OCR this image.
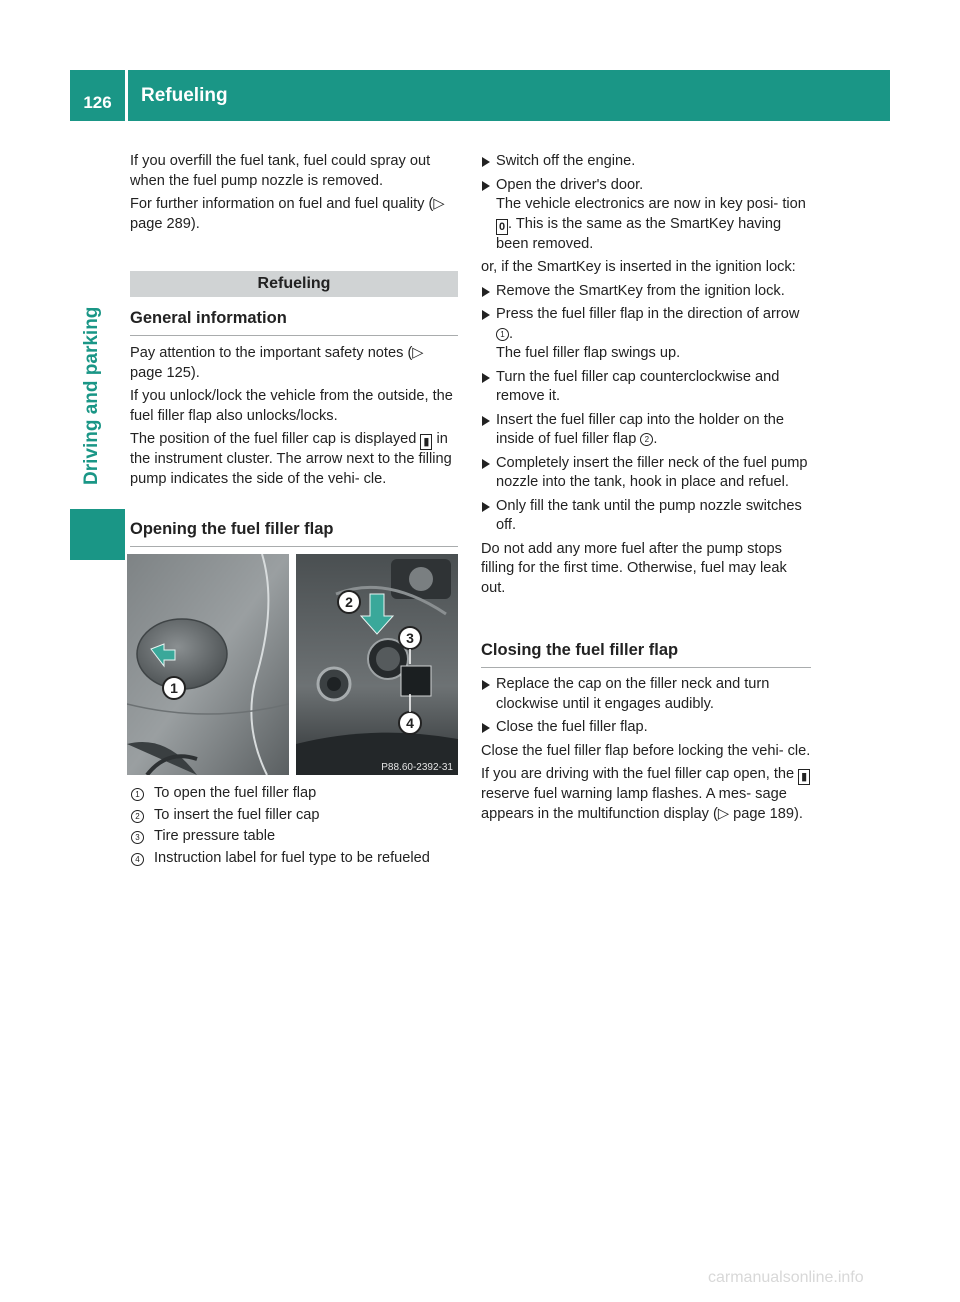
126	Refueling
Driving and parking

If you overfill the fuel tank, fuel could spray out when the fuel pump nozzle is removed.

For further information on fuel and fuel quality (▷ page 289).

Refueling
General information

Pay attention to the important safety notes (▷ page 125).

If you unlock/lock the vehicle from the outside, the fuel filler flap also unlocks/locks.

The position of the fuel filler cap is displayed ▮ in the instrument cluster. The arrow next to the filling pump indicates the side of the vehi- cle.

Opening the fuel filler flap
1
2
3
4
P88.60-2392-31
1 To open the fuel filler flap
2 To insert the fuel filler cap
3 Tire pressure table
4 Instruction label for fuel type to be refueled
Switch off the engine.
Open the driver's door.
The vehicle electronics are now in key posi- tion 0 . This is the same as the SmartKey having been removed.

or, if the SmartKey is inserted in the ignition lock:

Remove the SmartKey from the ignition lock.
Press the fuel filler flap in the direction of arrow 1 .
The fuel filler flap swings up.
Turn the fuel filler cap counterclockwise and remove it.
Insert the fuel filler cap into the holder on the inside of fuel filler flap 2 .
Completely insert the filler neck of the fuel pump nozzle into the tank, hook in place and refuel.
Only fill the tank until the pump nozzle switches off.

Do not add any more fuel after the pump stops filling for the first time. Otherwise, fuel may leak out.

Closing the fuel filler flap
Replace the cap on the filler neck and turn clockwise until it engages audibly.
Close the fuel filler flap.

Close the fuel filler flap before locking the vehi- cle.

If you are driving with the fuel filler cap open, the ▮ reserve fuel warning lamp flashes. A mes- sage appears in the multifunction display (▷ page 189).

carmanualsonline.info
